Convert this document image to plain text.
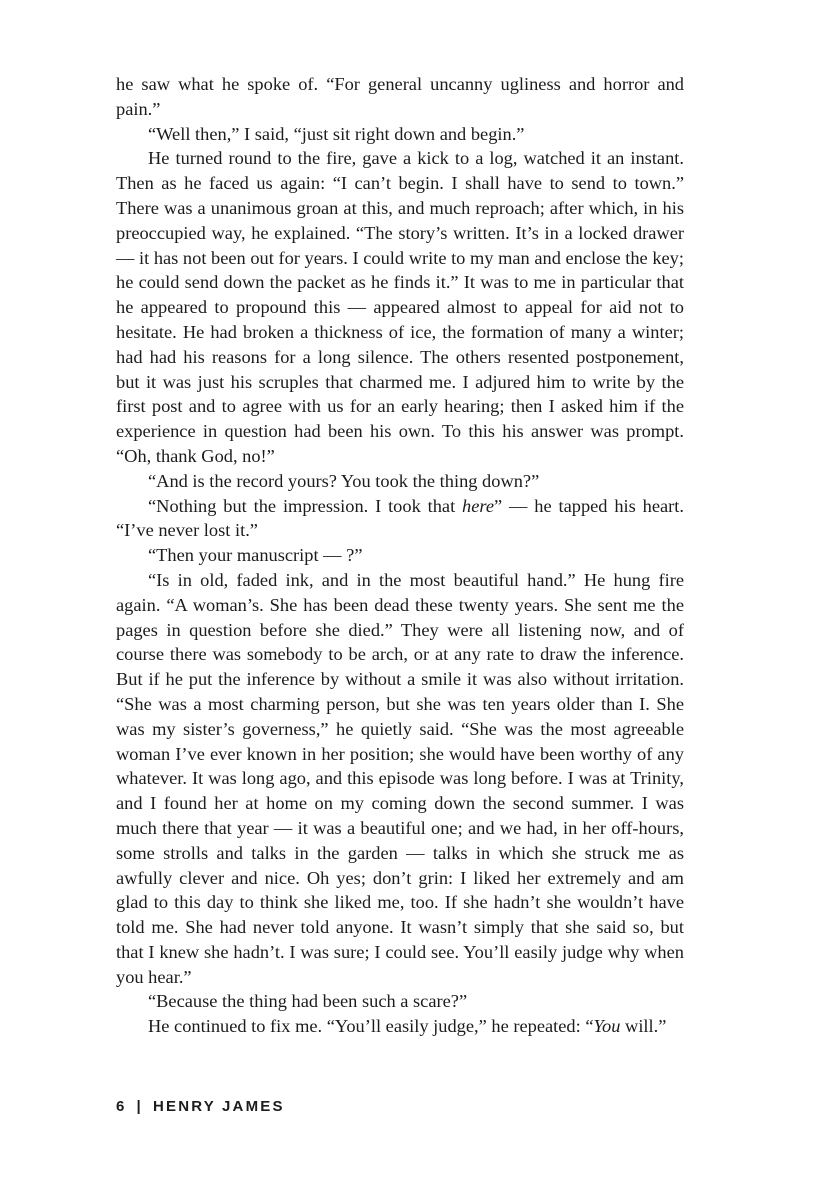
he saw what he spoke of. “For general uncanny ugliness and horror and pain.”

“Well then,” I said, “just sit right down and begin.”

He turned round to the fire, gave a kick to a log, watched it an instant. Then as he faced us again: “I can’t begin. I shall have to send to town.” There was a unanimous groan at this, and much reproach; after which, in his preoccupied way, he explained. “The story’s written. It’s in a locked drawer — it has not been out for years. I could write to my man and enclose the key; he could send down the packet as he finds it.” It was to me in particular that he appeared to propound this — appeared almost to appeal for aid not to hesitate. He had broken a thickness of ice, the formation of many a winter; had had his reasons for a long silence. The others resented postponement, but it was just his scruples that charmed me. I adjured him to write by the first post and to agree with us for an early hearing; then I asked him if the experience in question had been his own. To this his answer was prompt. “Oh, thank God, no!”

“And is the record yours? You took the thing down?”

“Nothing but the impression. I took that here” — he tapped his heart. “I’ve never lost it.”

“Then your manuscript — ?”

“Is in old, faded ink, and in the most beautiful hand.” He hung fire again. “A woman’s. She has been dead these twenty years. She sent me the pages in question before she died.” They were all listening now, and of course there was somebody to be arch, or at any rate to draw the inference. But if he put the inference by without a smile it was also without irritation. “She was a most charming person, but she was ten years older than I. She was my sister’s governess,” he quietly said. “She was the most agreeable woman I’ve ever known in her position; she would have been worthy of any whatever. It was long ago, and this episode was long before. I was at Trinity, and I found her at home on my coming down the second summer. I was much there that year — it was a beautiful one; and we had, in her off-hours, some strolls and talks in the garden — talks in which she struck me as awfully clever and nice. Oh yes; don’t grin: I liked her extremely and am glad to this day to think she liked me, too. If she hadn’t she wouldn’t have told me. She had never told anyone. It wasn’t simply that she said so, but that I knew she hadn’t. I was sure; I could see. You’ll easily judge why when you hear.”

“Because the thing had been such a scare?”

He continued to fix me. “You’ll easily judge,” he repeated: “You will.”

6 | HENRY JAMES
